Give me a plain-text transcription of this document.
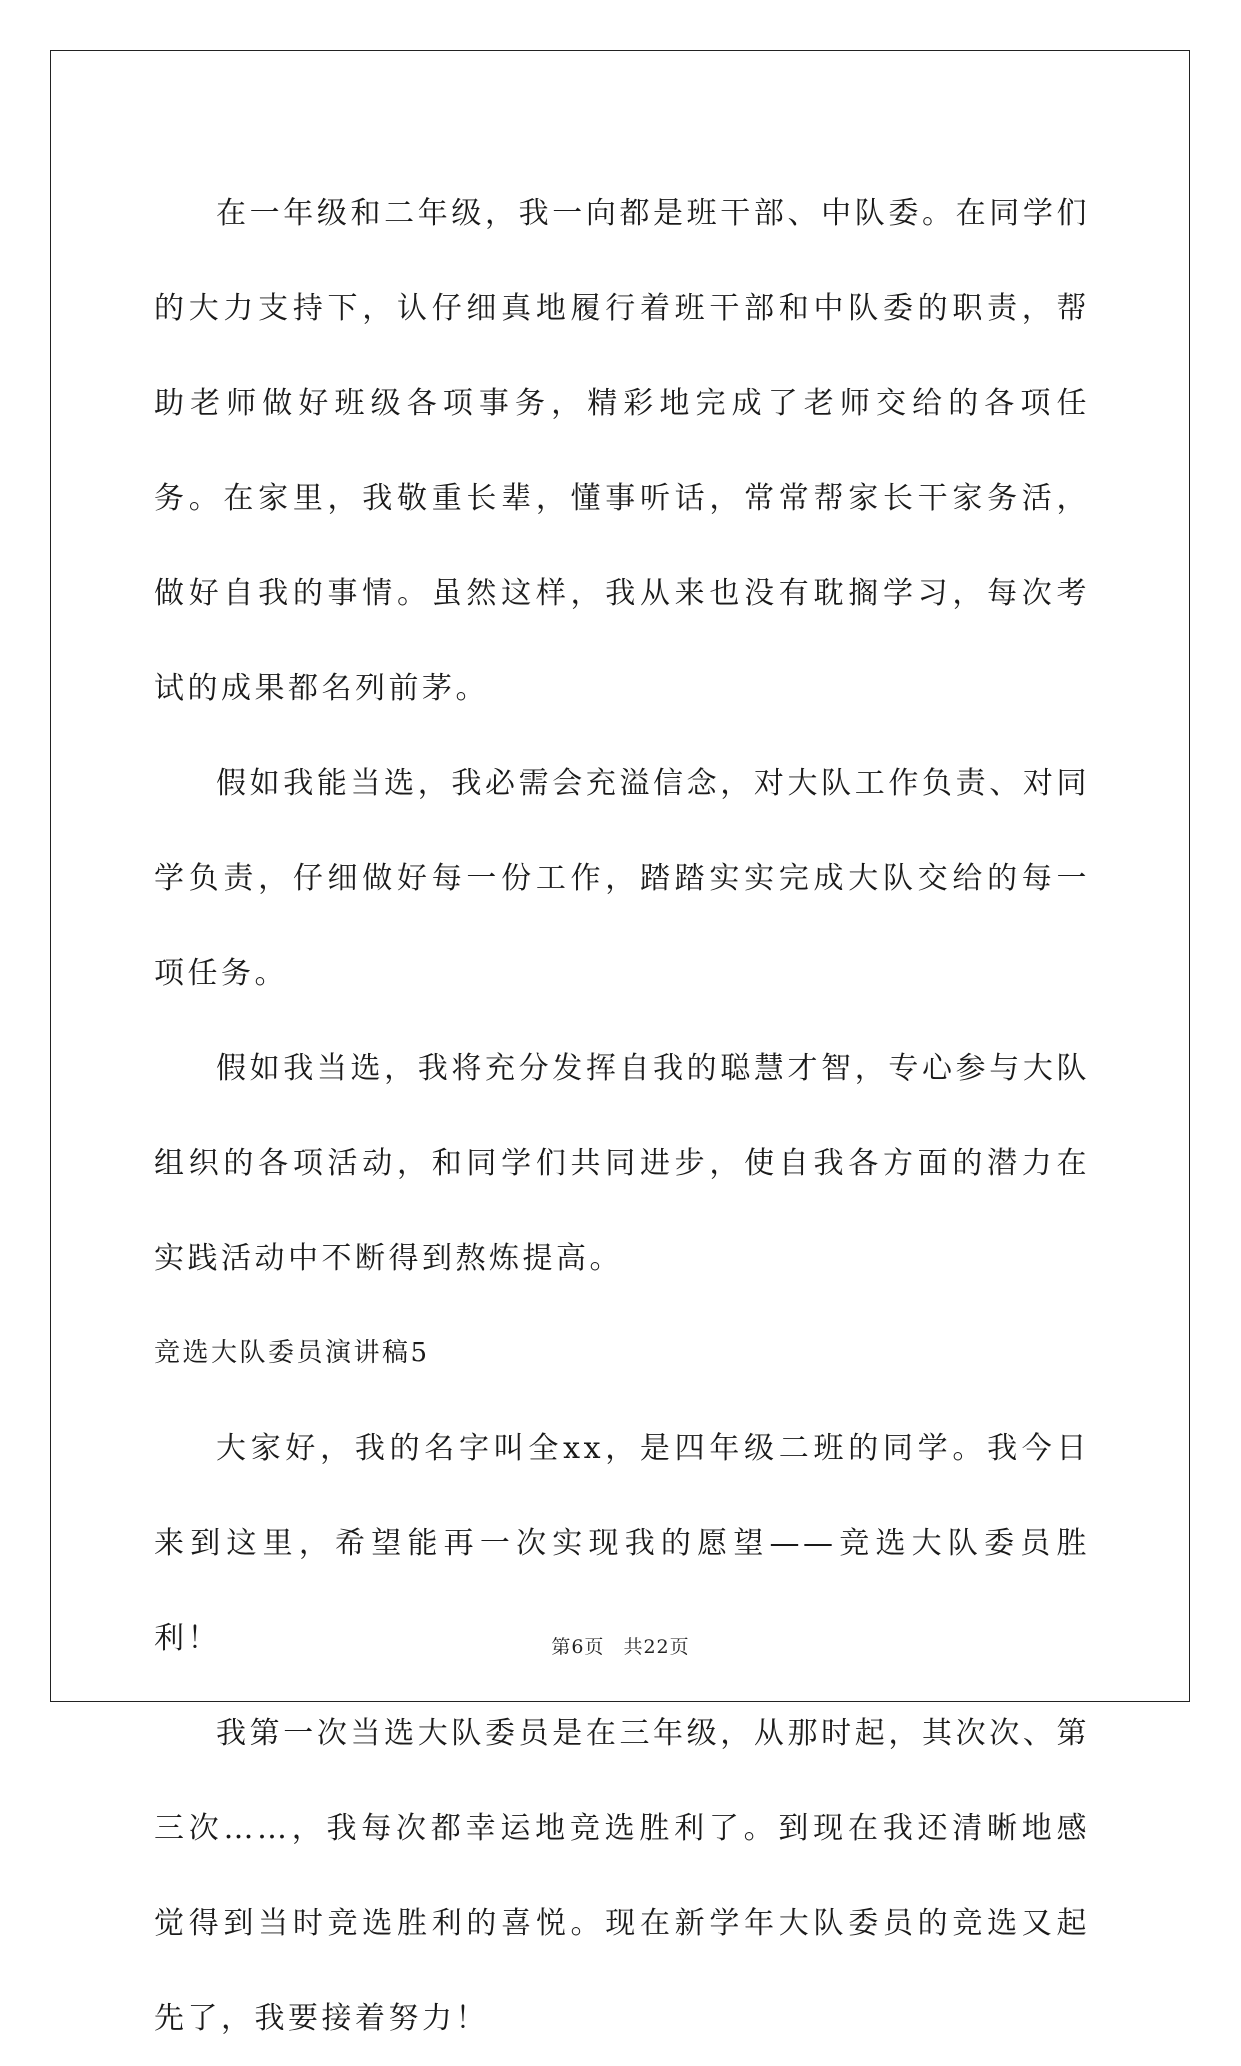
在一年级和二年级，我一向都是班干部、中队委。在同学们的大力支持下，认仔细真地履行着班干部和中队委的职责，帮助老师做好班级各项事务，精彩地完成了老师交给的各项任务。在家里，我敬重长辈，懂事听话，常常帮家长干家务活，做好自我的事情。虽然这样，我从来也没有耽搁学习，每次考试的成果都名列前茅。

假如我能当选，我必需会充溢信念，对大队工作负责、对同学负责，仔细做好每一份工作，踏踏实实完成大队交给的每一项任务。

假如我当选，我将充分发挥自我的聪慧才智，专心参与大队组织的各项活动，和同学们共同进步，使自我各方面的潜力在实践活动中不断得到熬炼提高。

竞选大队委员演讲稿5

大家好，我的名字叫全xx，是四年级二班的同学。我今日来到这里，希望能再一次实现我的愿望——竞选大队委员胜利！

我第一次当选大队委员是在三年级，从那时起，其次次、第三次……，我每次都幸运地竞选胜利了。到现在我还清晰地感觉得到当时竞选胜利的喜悦。现在新学年大队委员的竞选又起先了，我要接着努力！

第6页 共22页
